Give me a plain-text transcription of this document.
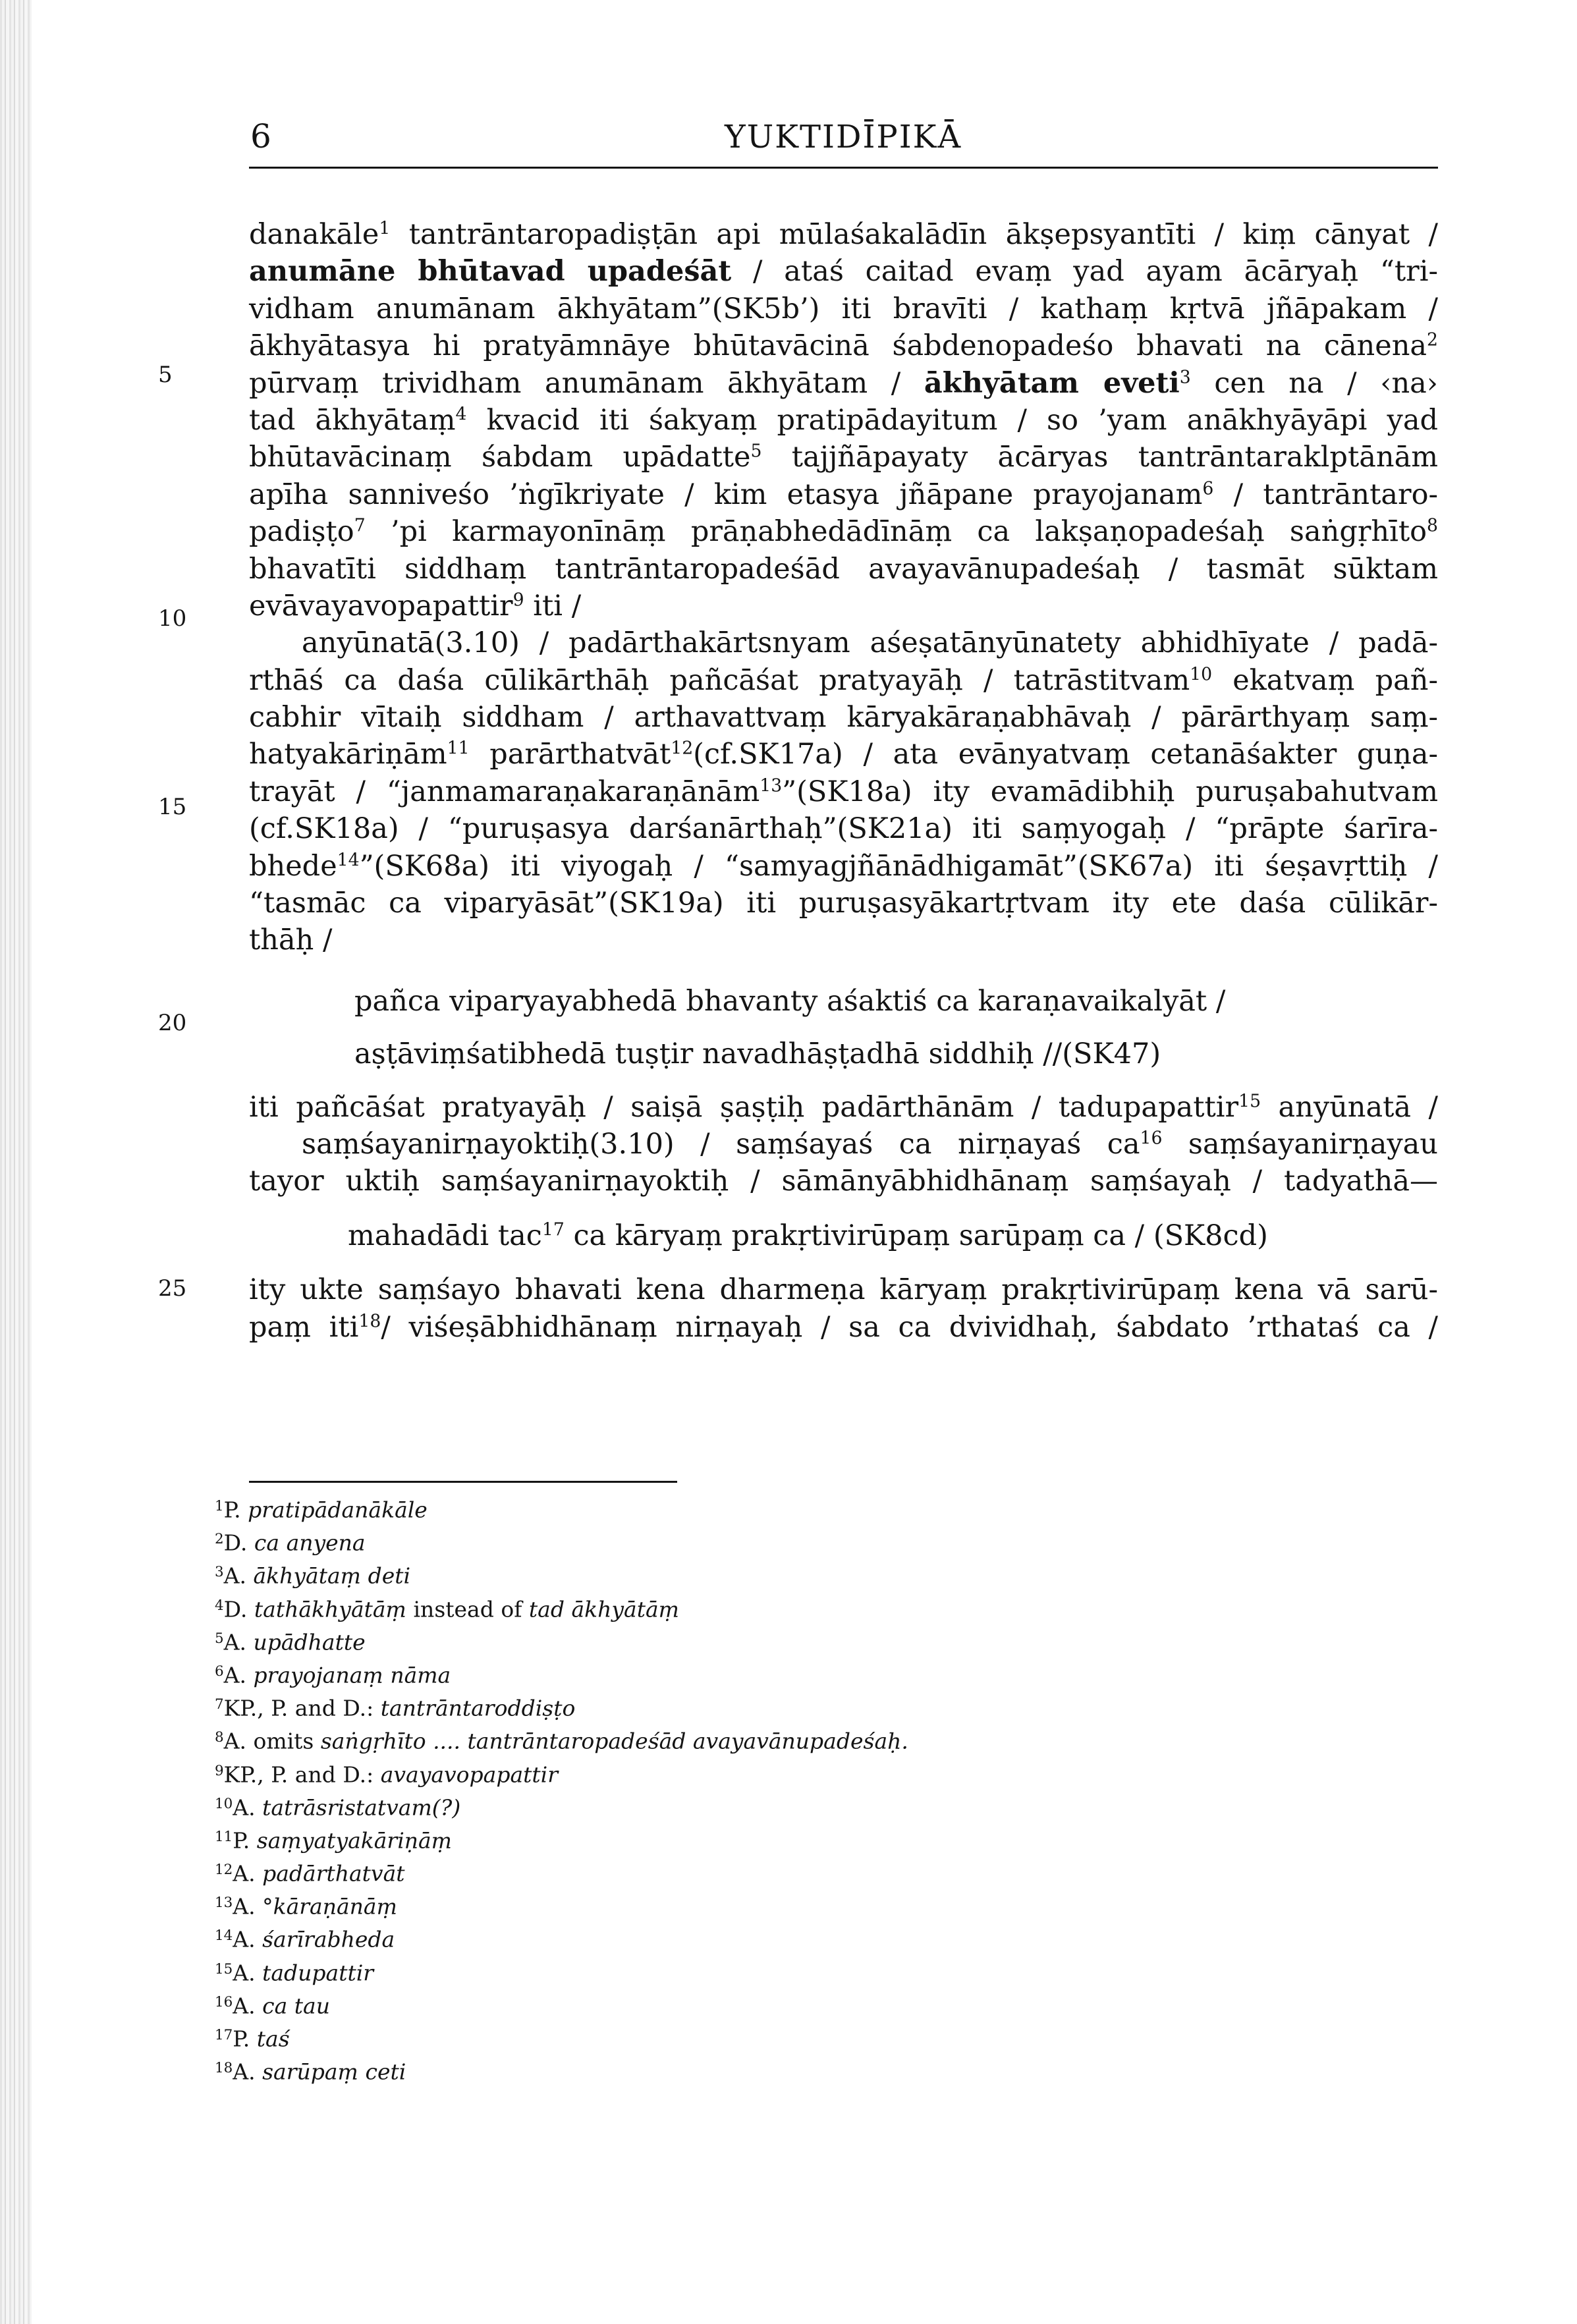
6	YUKTIDĪPIKĀ
5
10
15
20
25
danakāle$^1$ tantrāntaropadiṣṭān api mūlaśakalādīn ākṣepsyantīti / kiṃ cānyat /
anumāne bhūtavad upadeśāt / ataś caitad evaṃ yad ayam ācāryaḥ “tri-
vidham anumānam ākhyātam”(SK5b’) iti bravīti / kathaṃ kṛtvā jñāpakam /
ākhyātasya hi pratyāmnāye bhūtavācinā śabdenopadeśo bhavati na cānena$^2$
pūrvaṃ trividham anumānam ākhyātam / ākhyātam eveti$^3$ cen na / ‹na›
tad ākhyātaṃ$^4$ kvacid iti śakyaṃ pratipādayitum / so ’yam anākhyāyāpi yad
bhūtavācinaṃ śabdam upādatte$^5$ tajjñāpayaty ācāryas tantrāntaraklptānām
apīha sanniveśo ’ṅgīkriyate / kim etasya jñāpane prayojanam$^6$ / tantrāntaro-
padiṣṭo$^7$ ’pi karmayonīnāṃ prāṇabhedādīnāṃ ca lakṣaṇopadeśaḥ saṅgṛhīto$^8$
bhavatīti siddhaṃ tantrāntaropadeśād avayavānupadeśaḥ / tasmāt sūktam
evāvayavopapattir$^9$ iti /
anyūnatā(3.10) / padārthakārtsnyam aśeṣatānyūnatety abhidhīyate / padā-
rthāś ca daśa cūlikārthāḥ pañcāśat pratyayāḥ / tatrāstitvam$^{10}$ ekatvaṃ pañ-
cabhir vītaiḥ siddham / arthavattvaṃ kāryakāraṇabhāvaḥ / pārārthyaṃ saṃ-
hatyakāriṇām$^{11}$ parārthatvāt$^{12}$(cf.SK17a) / ata evānyatvaṃ cetanāśakter guṇa-
trayāt / “janmamaraṇakaraṇānām$^{13}$”(SK18a) ity evamādibhiḥ puruṣabahutvam
(cf.SK18a) / “puruṣasya darśanārthaḥ”(SK21a) iti saṃyogaḥ / “prāpte śarīra-
bhede$^{14}$”(SK68a) iti viyogaḥ / “samyagjñānādhigamāt”(SK67a) iti śeṣavṛttiḥ /
“tasmāc ca viparyāsāt”(SK19a) iti puruṣasyākartṛtvam ity ete daśa cūlikār-
thāḥ /
pañca viparyayabhedā bhavanty aśaktiś ca karaṇavaikalyāt /
aṣṭāviṃśatibhedā tuṣṭir navadhāṣṭadhā siddhiḥ //(SK47)
iti pañcāśat pratyayāḥ / saiṣā ṣaṣṭiḥ padārthānām / tadupapattir$^{15}$ anyūnatā /
saṃśayanirṇayoktiḥ(3.10) / saṃśayaś ca nirṇayaś $ca^{16}$ saṃśayanirṇayau
tayor uktiḥ saṃśayanirṇayoktiḥ / sāmānyābhidhānaṃ saṃśayaḥ / tadyathā—
mahadādi tac$^{17}$ ca kāryaṃ prakṛtivirūpaṃ sarūpaṃ ca / (SK8cd)
ity ukte saṃśayo bhavati kena dharmeṇa kāryaṃ prakṛtivirūpaṃ kena vā sarū-
paṃ iti$^{18}$/ viśeṣābhidhānaṃ nirṇayaḥ / sa ca dvividhaḥ, śabdato ’rthataś ca /
$^1$P. pratipādanākāle
$^2$D. ca anyena
$^3$A. ākhyātaṃ deti
$^4$D. tathākhyātāṃ instead of tad ākhyātāṃ
$^5$A. upādhatte
$^6$A. prayojanaṃ nāma
$^7$KP., P. and D.: tantrāntaroddiṣṭo
$^8$A. omits saṅgṛhīto .... tantrāntaropadeśād avayavānupadeśaḥ.
$^9$KP., P. and D.: avayavopapattir
$^{10}$A. tatrāsristatvam(?)
$^{11}$P. saṃyatyakāriṇāṃ
$^{12}$A. padārthatvāt
$^{13}$A. °kāraṇānāṃ
$^{14}$A. śarīrabheda
$^{15}$A. tadupattir
$^{16}$A. ca tau
$^{17}$P. taś
$^{18}$A. sarūpaṃ ceti
